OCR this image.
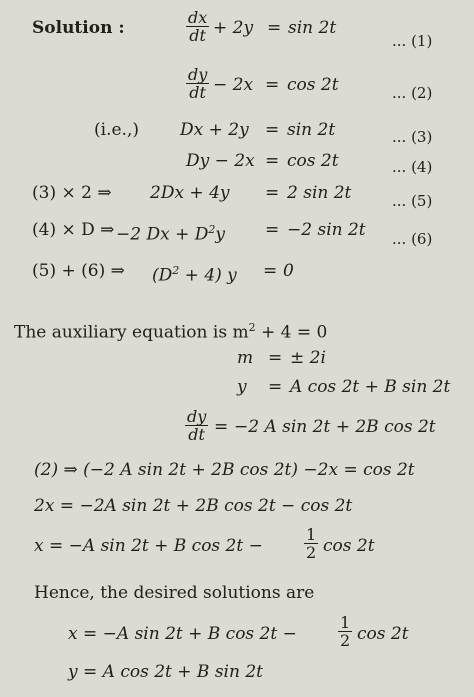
Solution :
dx
dt + 2y = sin 2t
... (1)
dy
dt − 2x = cos 2t	... (2)
(i.e.,) Dx + 2y = sin 2t	... (3)
Dy − 2x = cos 2t	... (4)
(3) × 2 ⇒ 2Dx + 4y = 2 sin 2t	... (5)
(4) × D ⇒ −2 $Dx + D^2y = -2$ sin 2t ... (6)
(5) + (6) ⇒ $(D^2 + 4) y = 0$
The auxiliary equation is $m^2 + 4 = 0$
m = ± 2i
y = A cos 2t + B sin 2t
dy
dt = −2 A sin 2t + 2B cos 2t
(2) ⇒ (−2 A sin 2t + 2B cos 2t) −2x = cos 2t
2x = −2A sin 2t + 2B cos 2t − cos 2t
x = −A sin 2t + B cos 2t −
1
2 cos 2t
Hence, the desired solutions are
x = −A sin 2t + B cos 2t −
1
2 cos 2t
y = A cos 2t + B sin 2t
